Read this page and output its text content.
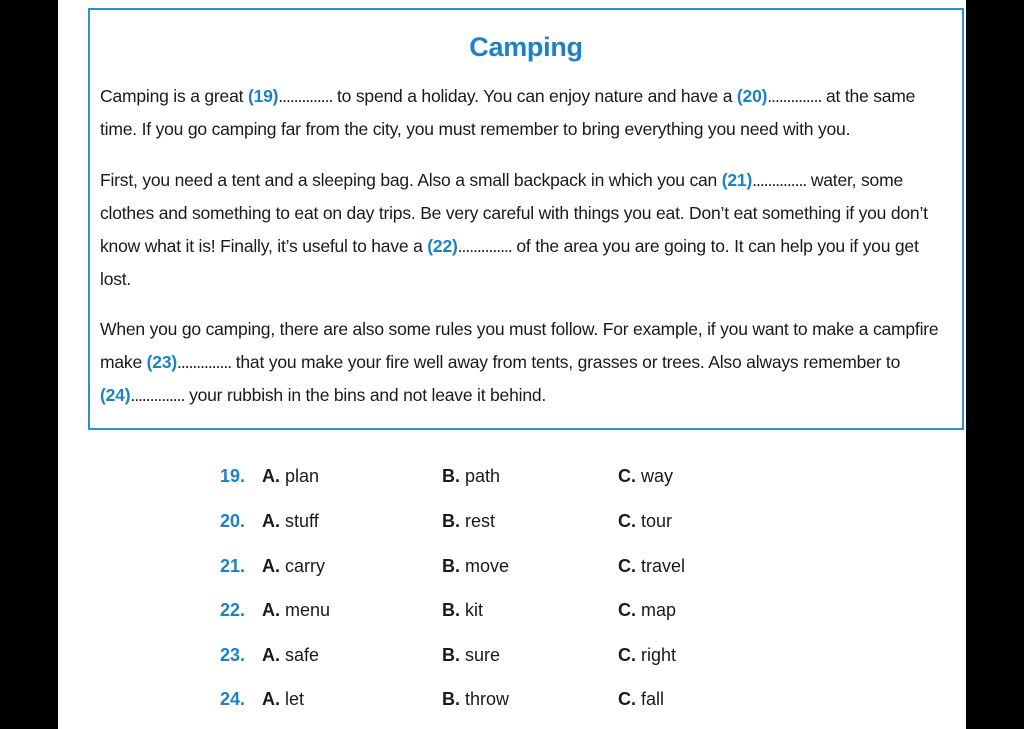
Camping
Camping is a great (19).............. to spend a holiday. You can enjoy nature and have a (20).............. at the same time. If you go camping far from the city, you must remember to bring everything you need with you.
First, you need a tent and a sleeping bag. Also a small backpack in which you can (21).............. water, some clothes and something to eat on day trips. Be very careful with things you eat. Don’t eat something if you don’t know what it is! Finally, it’s useful to have a (22).............. of the area you are going to. It can help you if you get lost.
When you go camping, there are also some rules you must follow. For example, if you want to make a campfire make (23).............. that you make your fire well away from tents, grasses or trees. Also always remember to (24).............. your rubbish in the bins and not leave it behind.
19. A. plan	B. path	C. way
20. A. stuff	B. rest	C. tour
21. A. carry	B. move	C. travel
22. A. menu	B. kit	C. map
23. A. safe	B. sure	C. right
24. A. let	B. throw	C. fall
